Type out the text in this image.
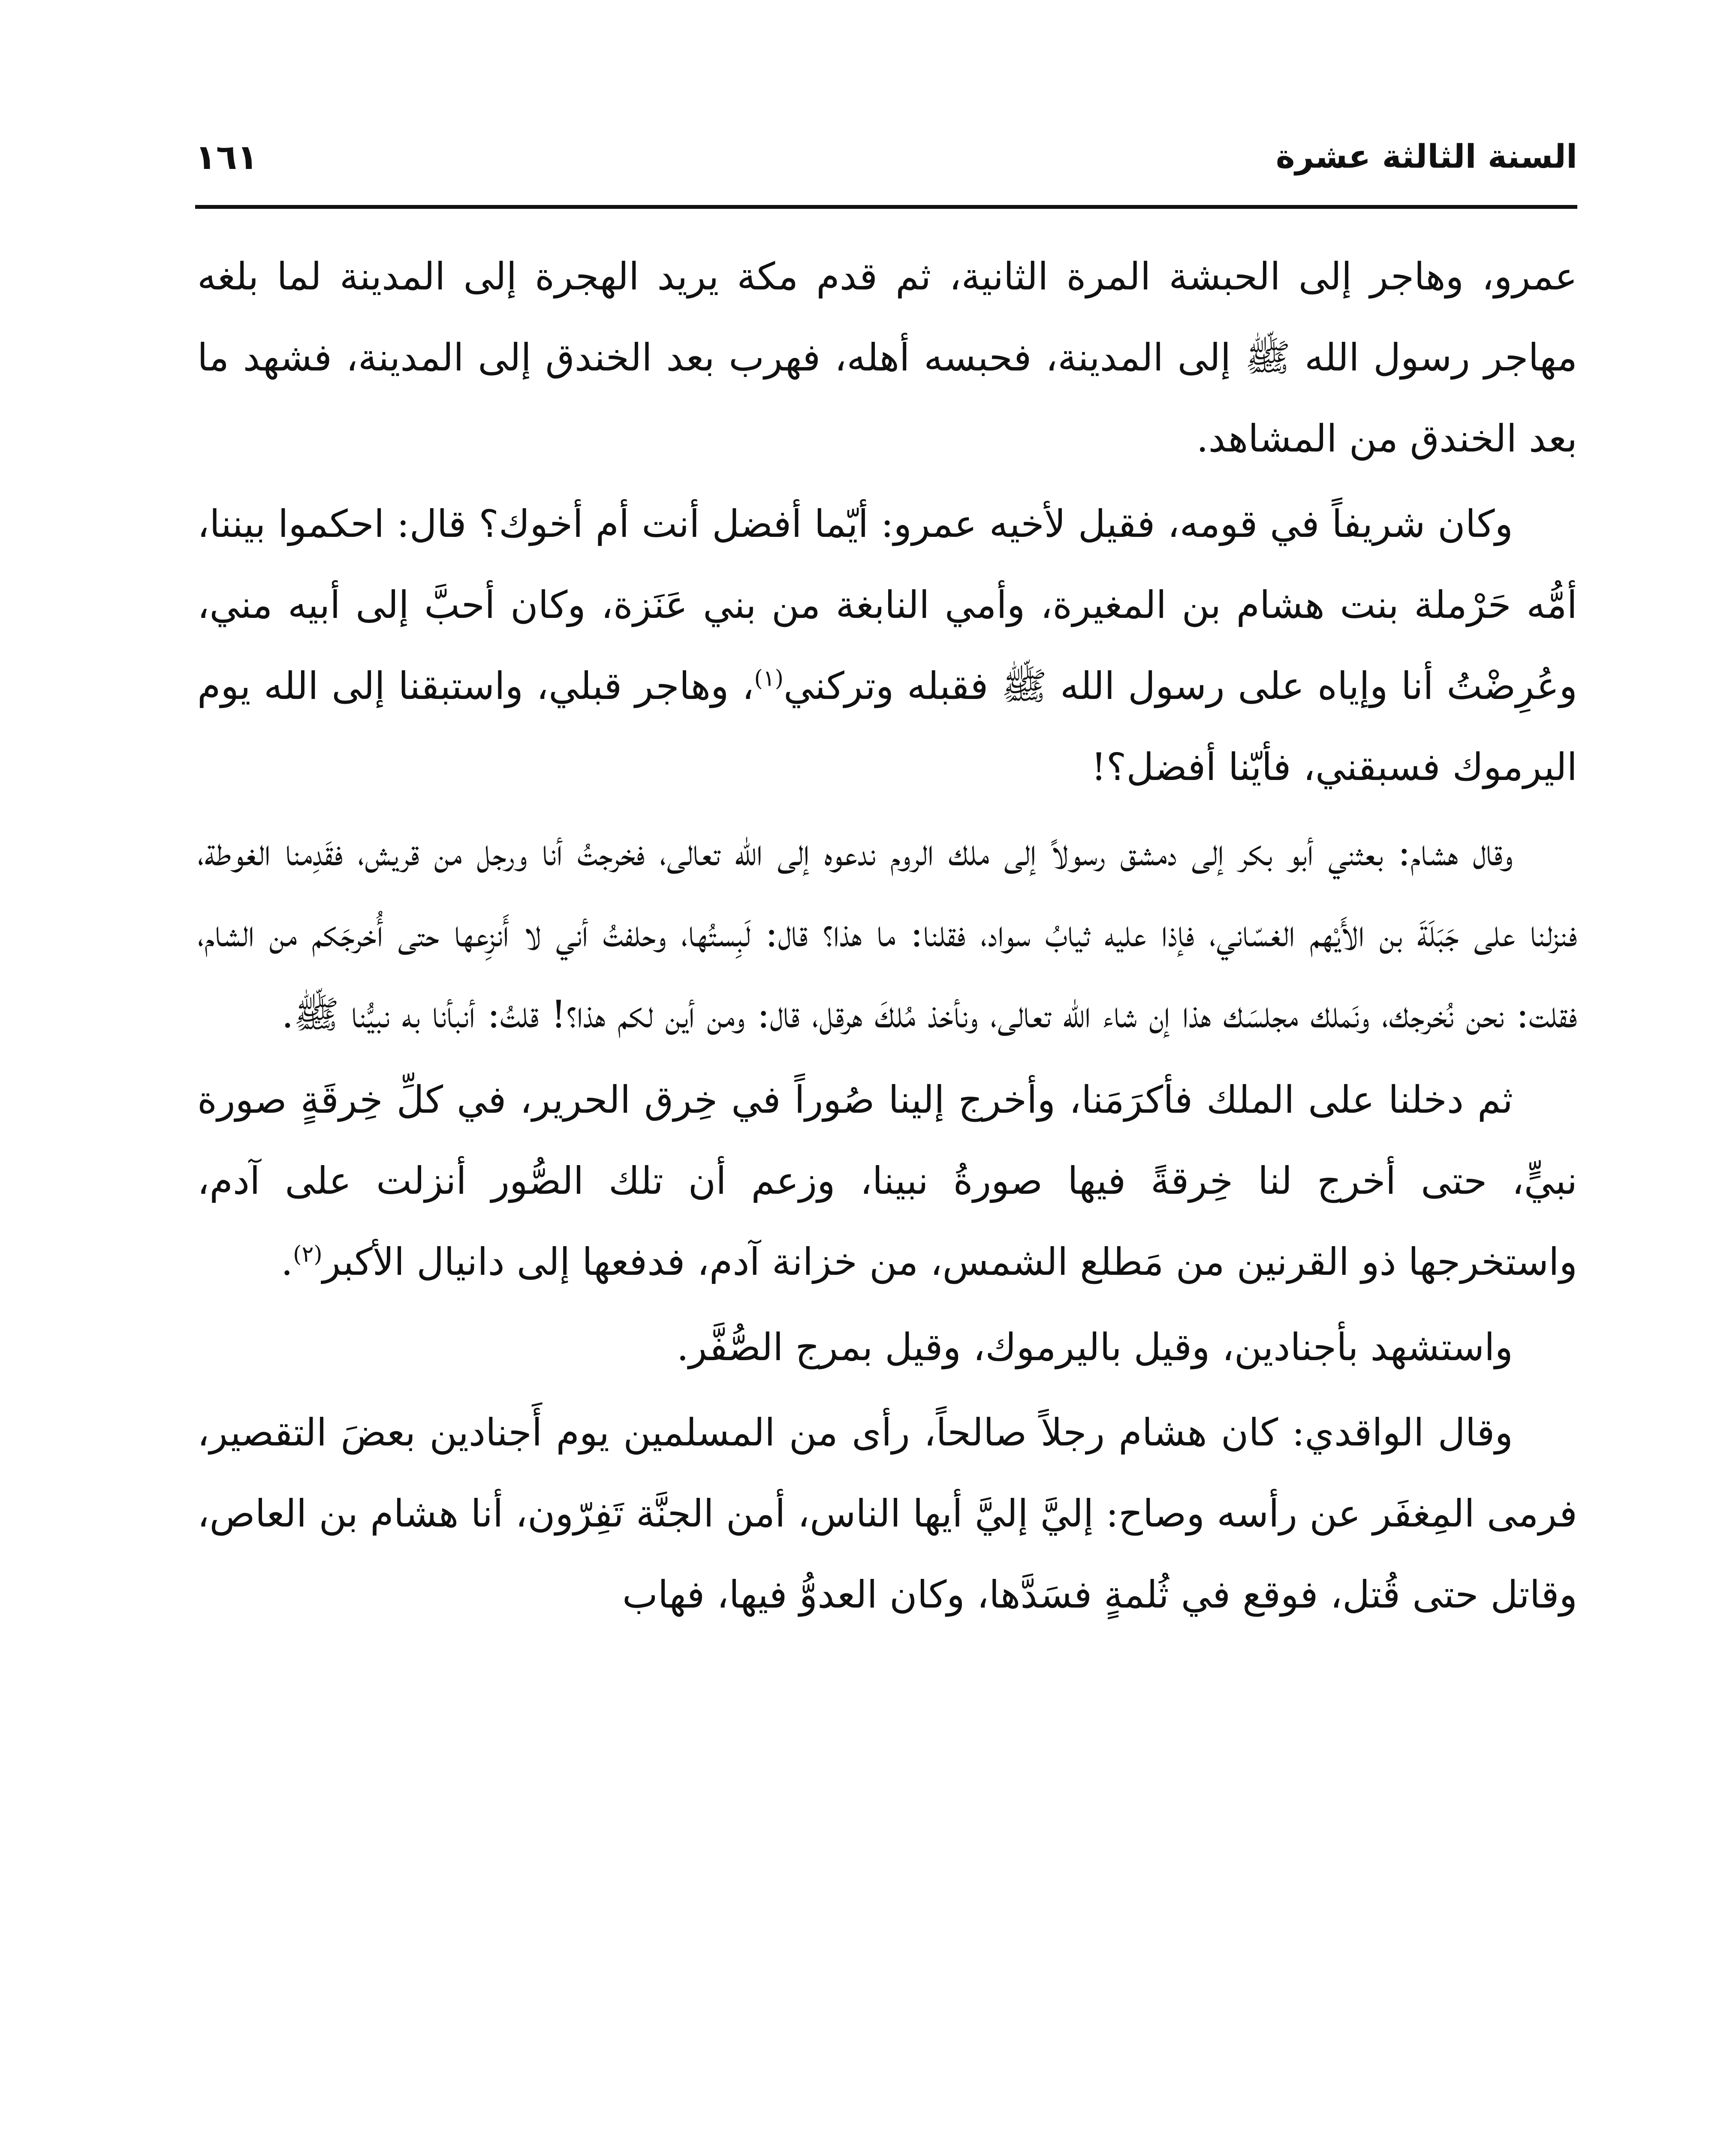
السنة الثالثة عشرة
١٦١

عمرو، وهاجر إلى الحبشة المرة الثانية، ثم قدم مكة يريد الهجرة إلى المدينة لما بلغه مهاجر رسول الله ﷺ إلى المدينة، فحبسه أهله، فهرب بعد الخندق إلى المدينة، فشهد ما بعد الخندق من المشاهد.

وكان شريفاً في قومه، فقيل لأخيه عمرو: أيّما أفضل أنت أم أخوك؟ قال: احكموا بيننا، أمُّه حَرْملة بنت هشام بن المغيرة، وأمي النابغة من بني عَنَزة، وكان أحبَّ إلى أبيه مني، وعُرِضْتُ أنا وإياه على رسول الله ﷺ فقبله وتركني$^{(١)}$، وهاجر قبلي، واستبقنا إلى الله يوم اليرموك فسبقني، فأيّنا أفضل؟!

وقال هشام: بعثني أبو بكر إلى دمشق رسولاً إلى ملك الروم ندعوه إلى الله تعالى، فخرجتُ أنا ورجل من قريش، فقَدِمنا الغوطة، فنزلنا على جَبَلَةَ بن الأَيْهم الغسّاني، فإذا عليه ثيابُ سواد، فقلنا: ما هذا؟ قال: لَبِستُها، وحلفتُ أني لا أَنزِعها حتى أُخرجَكم من الشام، فقلت: نحن نُخرجك، ونَملك مجلسَك هذا إن شاء الله تعالى، ونأخذ مُلكَ هرقل، قال: ومن أين لكم هذا؟! قلتُ: أنبأنا به نبيُّنا ﷺ.

ثم دخلنا على الملك فأكرَمَنا، وأخرج إلينا صُوراً في خِرق الحرير، في كلِّ خِرقَةٍ صورة نبيٍّ، حتى أخرج لنا خِرقةً فيها صورةُ نبينا، وزعم أن تلك الصُّور أنزلت على آدم، واستخرجها ذو القرنين من مَطلع الشمس، من خزانة آدم، فدفعها إلى دانيال الأكبر$^{(٢)}$.

واستشهد بأجنادين، وقيل باليرموك، وقيل بمرج الصُّفَّر.

وقال الواقدي: كان هشام رجلاً صالحاً، رأى من المسلمين يوم أَجنادين بعضَ التقصير، فرمى المِغفَر عن رأسه وصاح: إليَّ إليَّ أيها الناس، أمن الجنَّة تَفِرّون، أنا هشام بن العاص، وقاتل حتى قُتل، فوقع في ثُلمةٍ فسَدَّها، وكان العدوُّ فيها، فهاب
